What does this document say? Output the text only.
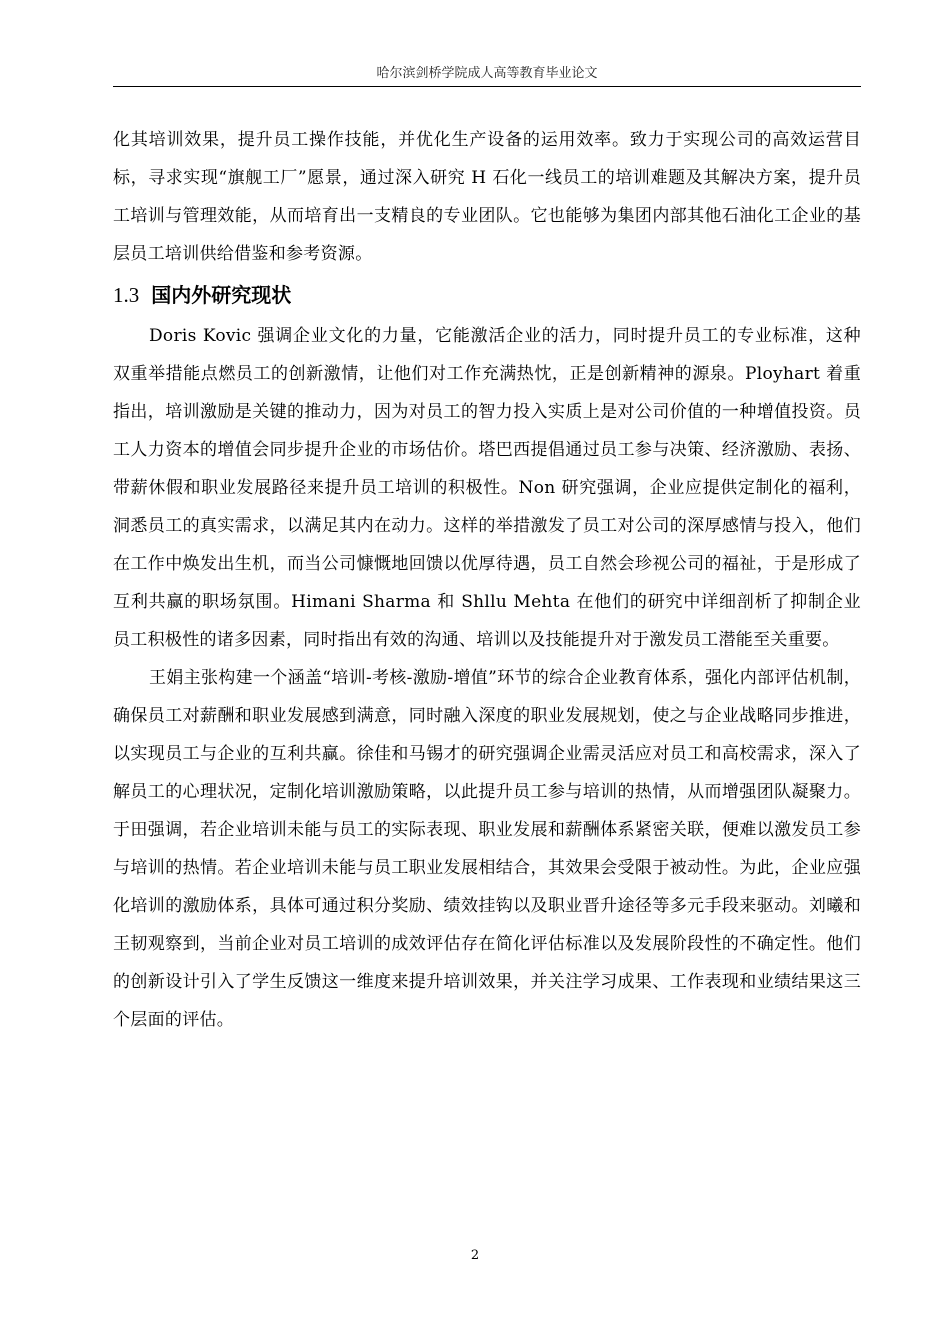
哈尔滨剑桥学院成人高等教育毕业论文

化其培训效果，提升员工操作技能，并优化生产设备的运用效率。致力于实现公司的高效运营目标，寻求实现“旗舰工厂”愿景，通过深入研究 H 石化一线员工的培训难题及其解决方案，提升员工培训与管理效能，从而培育出一支精良的专业团队。它也能够为集团内部其他石油化工企业的基层员工培训供给借鉴和参考资源。

1.3 国内外研究现状

Doris Kovic 强调企业文化的力量，它能激活企业的活力，同时提升员工的专业标准，这种双重举措能点燃员工的创新激情，让他们对工作充满热忱，正是创新精神的源泉。Ployhart 着重指出，培训激励是关键的推动力，因为对员工的智力投入实质上是对公司价值的一种增值投资。员工人力资本的增值会同步提升企业的市场估价。塔巴西提倡通过员工参与决策、经济激励、表扬、带薪休假和职业发展路径来提升员工培训的积极性。Non 研究强调，企业应提供定制化的福利，洞悉员工的真实需求，以满足其内在动力。这样的举措激发了员工对公司的深厚感情与投入，他们在工作中焕发出生机，而当公司慷慨地回馈以优厚待遇，员工自然会珍视公司的福祉，于是形成了互利共赢的职场氛围。Himani Sharma 和 Shllu Mehta 在他们的研究中详细剖析了抑制企业员工积极性的诸多因素，同时指出有效的沟通、培训以及技能提升对于激发员工潜能至关重要。

王娟主张构建一个涵盖“培训-考核-激励-增值”环节的综合企业教育体系，强化内部评估机制，确保员工对薪酬和职业发展感到满意，同时融入深度的职业发展规划，使之与企业战略同步推进，以实现员工与企业的互利共赢。徐佳和马锡才的研究强调企业需灵活应对员工和高校需求，深入了解员工的心理状况，定制化培训激励策略，以此提升员工参与培训的热情，从而增强团队凝聚力。于田强调，若企业培训未能与员工的实际表现、职业发展和薪酬体系紧密关联，便难以激发员工参与培训的热情。若企业培训未能与员工职业发展相结合，其效果会受限于被动性。为此，企业应强化培训的激励体系，具体可通过积分奖励、绩效挂钩以及职业晋升途径等多元手段来驱动。刘曦和王韧观察到，当前企业对员工培训的成效评估存在简化评估标准以及发展阶段性的不确定性。他们的创新设计引入了学生反馈这一维度来提升培训效果，并关注学习成果、工作表现和业绩结果这三个层面的评估。

2
